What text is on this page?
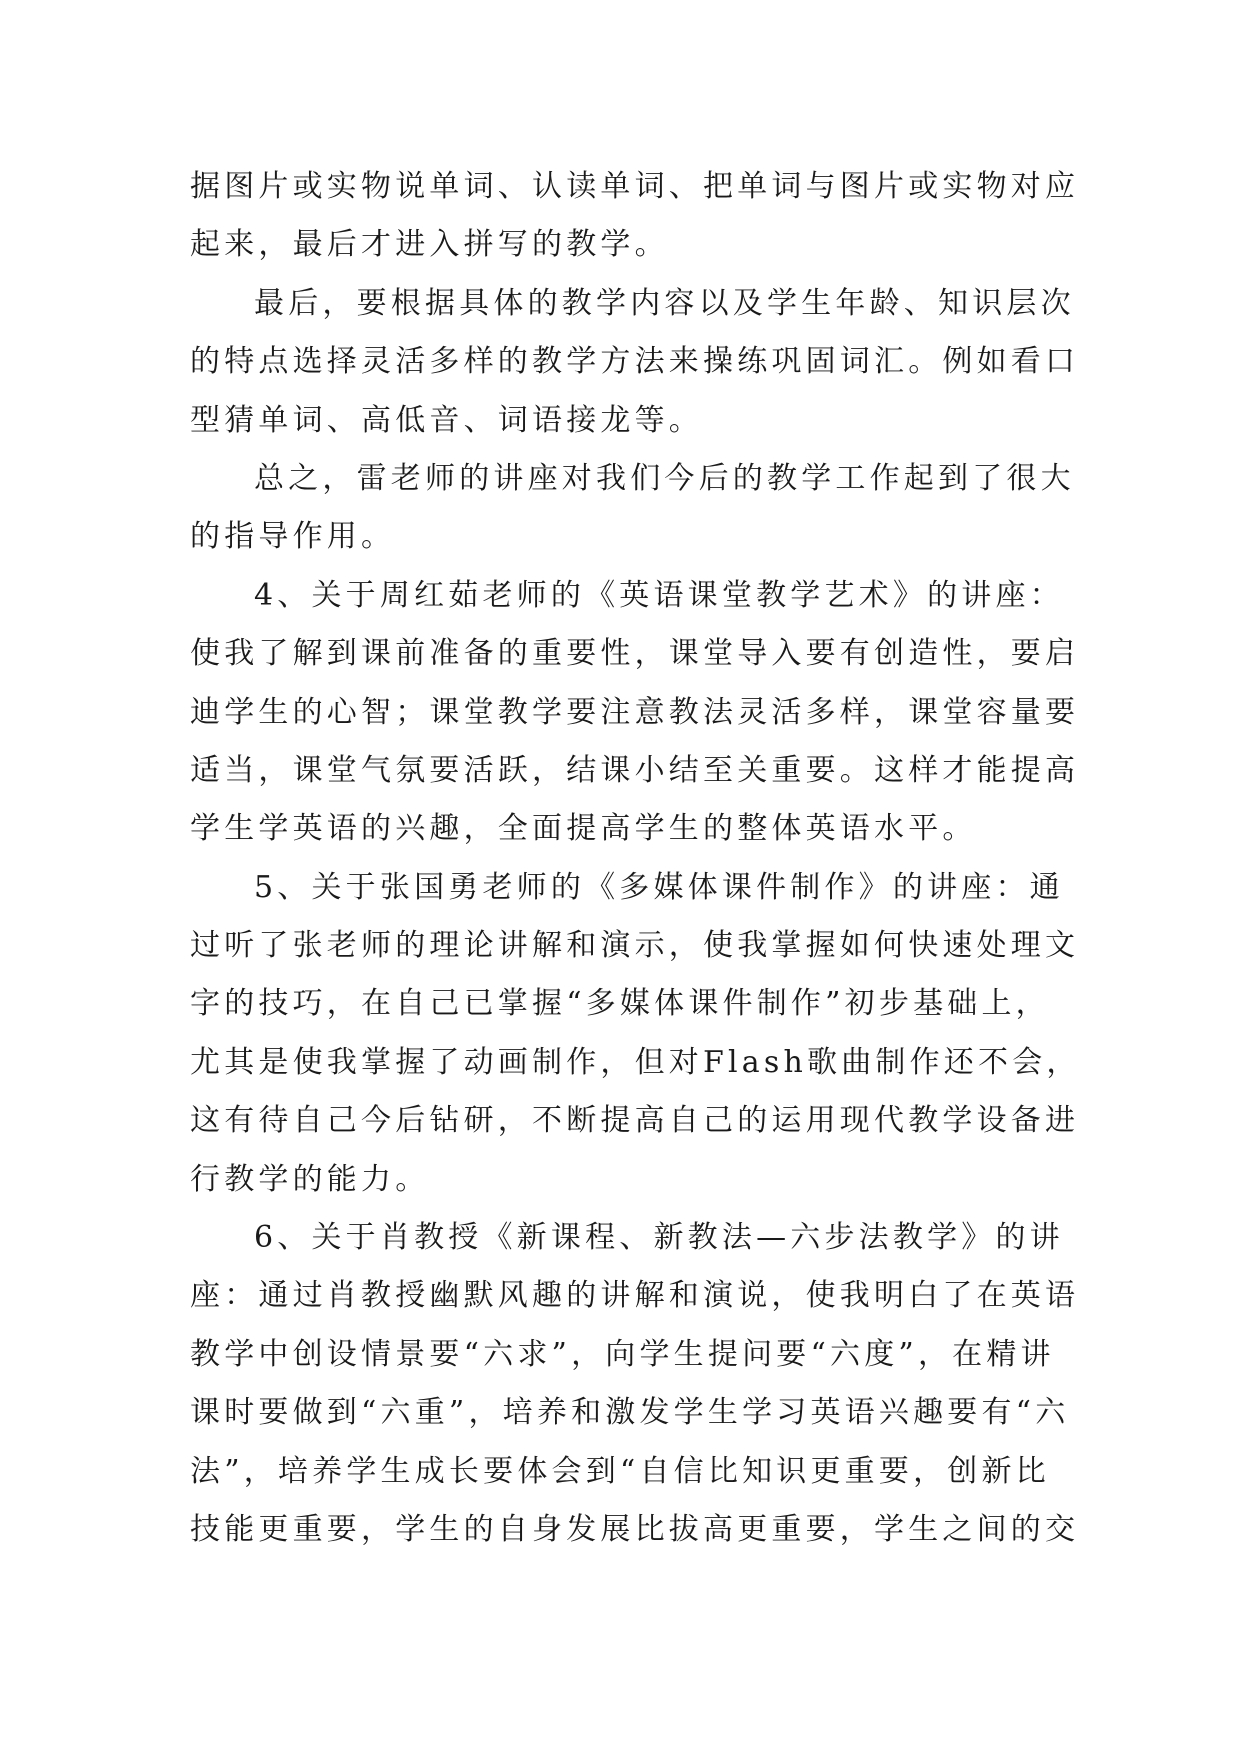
据图片或实物说单词、认读单词、把单词与图片或实物对应
起来，最后才进入拼写的教学。
最后，要根据具体的教学内容以及学生年龄、知识层次
的特点选择灵活多样的教学方法来操练巩固词汇。例如看口
型猜单词、高低音、词语接龙等。
总之，雷老师的讲座对我们今后的教学工作起到了很大
的指导作用。
4、关于周红茹老师的《英语课堂教学艺术》的讲座：
使我了解到课前准备的重要性，课堂导入要有创造性，要启
迪学生的心智；课堂教学要注意教法灵活多样，课堂容量要
适当，课堂气氛要活跃，结课小结至关重要。这样才能提高
学生学英语的兴趣，全面提高学生的整体英语水平。
5、关于张国勇老师的《多媒体课件制作》的讲座：通
过听了张老师的理论讲解和演示，使我掌握如何快速处理文
字的技巧，在自己已掌握“多媒体课件制作”初步基础上，
尤其是使我掌握了动画制作，但对Flash歌曲制作还不会，
这有待自己今后钻研，不断提高自己的运用现代教学设备进
行教学的能力。
6、关于肖教授《新课程、新教法—六步法教学》的讲
座：通过肖教授幽默风趣的讲解和演说，使我明白了在英语
教学中创设情景要“六求”，向学生提问要“六度”，在精讲
课时要做到“六重”，培养和激发学生学习英语兴趣要有“六
法”，培养学生成长要体会到“自信比知识更重要，创新比
技能更重要，学生的自身发展比拔高更重要，学生之间的交
